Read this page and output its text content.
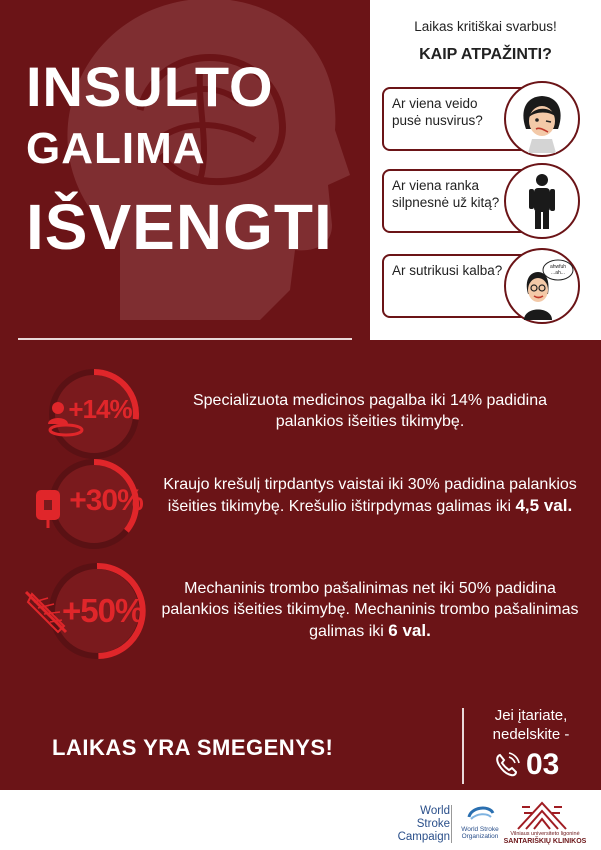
INSULTO
GALIMA
IŠVENGTI
Laikas kritiškai svarbus!
KAIP ATPAŽINTI?
Ar viena veido pusė nusvirus?
Ar viena ranka silpnesnė už kitą?
Ar sutrikusi kalba?	ahwfuh
...ah...
+14%	Specializuota medicinos pagalba iki 14% padidina palankios išeities tikimybę.
+30% Kraujo krešulį tirpdantys vaistai iki 30% padidina palankios išeities tikimybę. Krešulio ištirpdymas galimas iki 4,5 val.
+50%
Mechaninis trombo pašalinimas net iki 50% padidina palankios išeities tikimybę. Mechaninis trombo pašalinimas galimas iki 6 val.
LAIKAS YRA SMEGENYS!
Jei įtariate,
nedelskite -
03
World
Stroke
Campaign
World Stroke Organization	Vilniaus universiteto ligoninė
SANTARIŠKIŲ KLINIKOS
